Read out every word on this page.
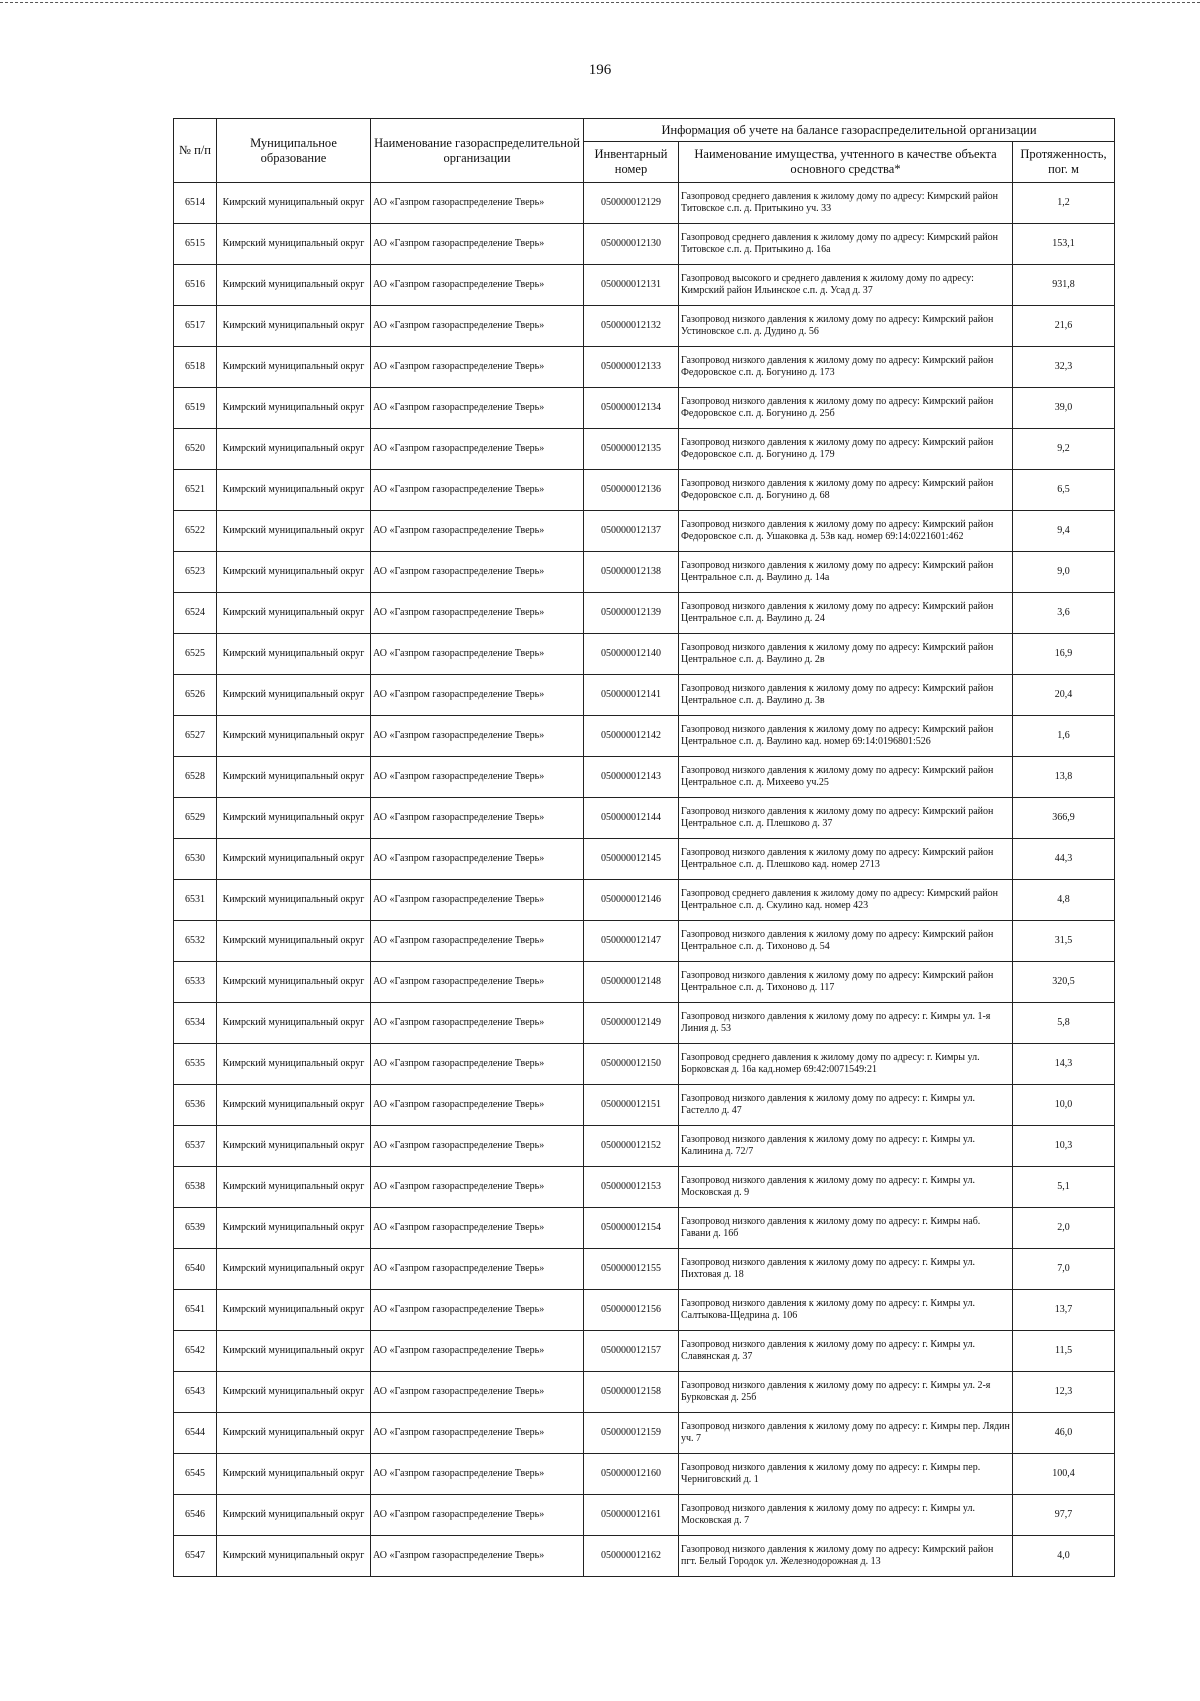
196
№ п/п	Муниципальное образование	Наименование газораспределительной организации	Информация об учете на балансе газораспределительной организации		
			Инвентарный номер	Наименование имущества, учтенного в качестве объекта основного средства*	Протяженность, пог. м
6514	Кимрский муниципальный округ	АО «Газпром газораспределение Тверь»	050000012129	Газопровод среднего давления к жилому дому по адресу: Кимрский район Титовское с.п. д. Притыкино уч. 33	1,2
6515	Кимрский муниципальный округ	АО «Газпром газораспределение Тверь»	050000012130	Газопровод среднего давления к жилому дому по адресу: Кимрский район Титовское с.п. д. Притыкино д. 16а	153,1
6516	Кимрский муниципальный округ	АО «Газпром газораспределение Тверь»	050000012131	Газопровод высокого и среднего давления к жилому дому по адресу: Кимрский район Ильинское с.п. д. Усад д. 37	931,8
6517	Кимрский муниципальный округ	АО «Газпром газораспределение Тверь»	050000012132	Газопровод низкого давления к жилому дому по адресу: Кимрский район Устиновское с.п. д. Дудино д. 56	21,6
6518	Кимрский муниципальный округ	АО «Газпром газораспределение Тверь»	050000012133	Газопровод низкого давления к жилому дому по адресу: Кимрский район Федоровское с.п. д. Богунино д. 173	32,3
6519	Кимрский муниципальный округ	АО «Газпром газораспределение Тверь»	050000012134	Газопровод низкого давления к жилому дому по адресу: Кимрский район Федоровское с.п. д. Богунино д. 25б	39,0
6520	Кимрский муниципальный округ	АО «Газпром газораспределение Тверь»	050000012135	Газопровод низкого давления к жилому дому по адресу: Кимрский район Федоровское с.п. д. Богунино д. 179	9,2
6521	Кимрский муниципальный округ	АО «Газпром газораспределение Тверь»	050000012136	Газопровод низкого давления к жилому дому по адресу: Кимрский район Федоровское с.п. д. Богунино д. 68	6,5
6522	Кимрский муниципальный округ	АО «Газпром газораспределение Тверь»	050000012137	Газопровод низкого давления к жилому дому по адресу: Кимрский район Федоровское с.п. д. Ушаковка д. 53в кад. номер 69:14:0221601:462	9,4
6523	Кимрский муниципальный округ	АО «Газпром газораспределение Тверь»	050000012138	Газопровод низкого давления к жилому дому по адресу: Кимрский район Центральное с.п. д. Ваулино д. 14а	9,0
6524	Кимрский муниципальный округ	АО «Газпром газораспределение Тверь»	050000012139	Газопровод низкого давления к жилому дому по адресу: Кимрский район Центральное с.п. д. Ваулино д. 24	3,6
6525	Кимрский муниципальный округ	АО «Газпром газораспределение Тверь»	050000012140	Газопровод низкого давления к жилому дому по адресу: Кимрский район Центральное с.п. д. Ваулино д. 2в	16,9
6526	Кимрский муниципальный округ	АО «Газпром газораспределение Тверь»	050000012141	Газопровод низкого давления к жилому дому по адресу: Кимрский район Центральное с.п. д. Ваулино д. 3в	20,4
6527	Кимрский муниципальный округ	АО «Газпром газораспределение Тверь»	050000012142	Газопровод низкого давления к жилому дому по адресу: Кимрский район Центральное с.п. д. Ваулино кад. номер 69:14:0196801:526	1,6
6528	Кимрский муниципальный округ	АО «Газпром газораспределение Тверь»	050000012143	Газопровод низкого давления к жилому дому по адресу: Кимрский район Центральное с.п. д. Михеево уч.25	13,8
6529	Кимрский муниципальный округ	АО «Газпром газораспределение Тверь»	050000012144	Газопровод низкого давления к жилому дому по адресу: Кимрский район Центральное с.п. д. Плешково д. 37	366,9
6530	Кимрский муниципальный округ	АО «Газпром газораспределение Тверь»	050000012145	Газопровод низкого давления к жилому дому по адресу: Кимрский район Центральное с.п. д. Плешково кад. номер 2713	44,3
6531	Кимрский муниципальный округ	АО «Газпром газораспределение Тверь»	050000012146	Газопровод среднего давления к жилому дому по адресу: Кимрский район Центральное с.п. д. Скулино кад. номер 423	4,8
6532	Кимрский муниципальный округ	АО «Газпром газораспределение Тверь»	050000012147	Газопровод низкого давления к жилому дому по адресу: Кимрский район Центральное с.п. д. Тихоново д. 54	31,5
6533	Кимрский муниципальный округ	АО «Газпром газораспределение Тверь»	050000012148	Газопровод низкого давления к жилому дому по адресу: Кимрский район Центральное с.п. д. Тихоново д. 117	320,5
6534	Кимрский муниципальный округ	АО «Газпром газораспределение Тверь»	050000012149	Газопровод низкого давления к жилому дому по адресу: г. Кимры ул. 1-я Линия д. 53	5,8
6535	Кимрский муниципальный округ	АО «Газпром газораспределение Тверь»	050000012150	Газопровод среднего давления к жилому дому по адресу: г. Кимры ул. Борковская д. 16а кад.номер 69:42:0071549:21	14,3
6536	Кимрский муниципальный округ	АО «Газпром газораспределение Тверь»	050000012151	Газопровод низкого давления к жилому дому по адресу: г. Кимры ул. Гастелло д. 47	10,0
6537	Кимрский муниципальный округ	АО «Газпром газораспределение Тверь»	050000012152	Газопровод низкого давления к жилому дому по адресу: г. Кимры ул. Калинина д. 72/7	10,3
6538	Кимрский муниципальный округ	АО «Газпром газораспределение Тверь»	050000012153	Газопровод низкого давления к жилому дому по адресу: г. Кимры ул. Московская д. 9	5,1
6539	Кимрский муниципальный округ	АО «Газпром газораспределение Тверь»	050000012154	Газопровод низкого давления к жилому дому по адресу: г. Кимры наб. Гавани д. 16б	2,0
6540	Кимрский муниципальный округ	АО «Газпром газораспределение Тверь»	050000012155	Газопровод низкого давления к жилому дому по адресу: г. Кимры ул. Пихтовая д. 18	7,0
6541	Кимрский муниципальный округ	АО «Газпром газораспределение Тверь»	050000012156	Газопровод низкого давления к жилому дому по адресу: г. Кимры ул. Салтыкова-Щедрина д. 106	13,7
6542	Кимрский муниципальный округ	АО «Газпром газораспределение Тверь»	050000012157	Газопровод низкого давления к жилому дому по адресу: г. Кимры ул. Славянская д. 37	11,5
6543	Кимрский муниципальный округ	АО «Газпром газораспределение Тверь»	050000012158	Газопровод низкого давления к жилому дому по адресу: г. Кимры ул. 2-я Бурковская д. 25б	12,3
6544	Кимрский муниципальный округ	АО «Газпром газораспределение Тверь»	050000012159	Газопровод низкого давления к жилому дому по адресу: г. Кимры пер. Лядин уч. 7	46,0
6545	Кимрский муниципальный округ	АО «Газпром газораспределение Тверь»	050000012160	Газопровод низкого давления к жилому дому по адресу: г. Кимры пер. Черниговский д. 1	100,4
6546	Кимрский муниципальный округ	АО «Газпром газораспределение Тверь»	050000012161	Газопровод низкого давления к жилому дому по адресу: г. Кимры ул. Московская д. 7	97,7
6547	Кимрский муниципальный округ	АО «Газпром газораспределение Тверь»	050000012162	Газопровод низкого давления к жилому дому по адресу: Кимрский район пгт. Белый Городок ул. Железнодорожная д. 13	4,0
